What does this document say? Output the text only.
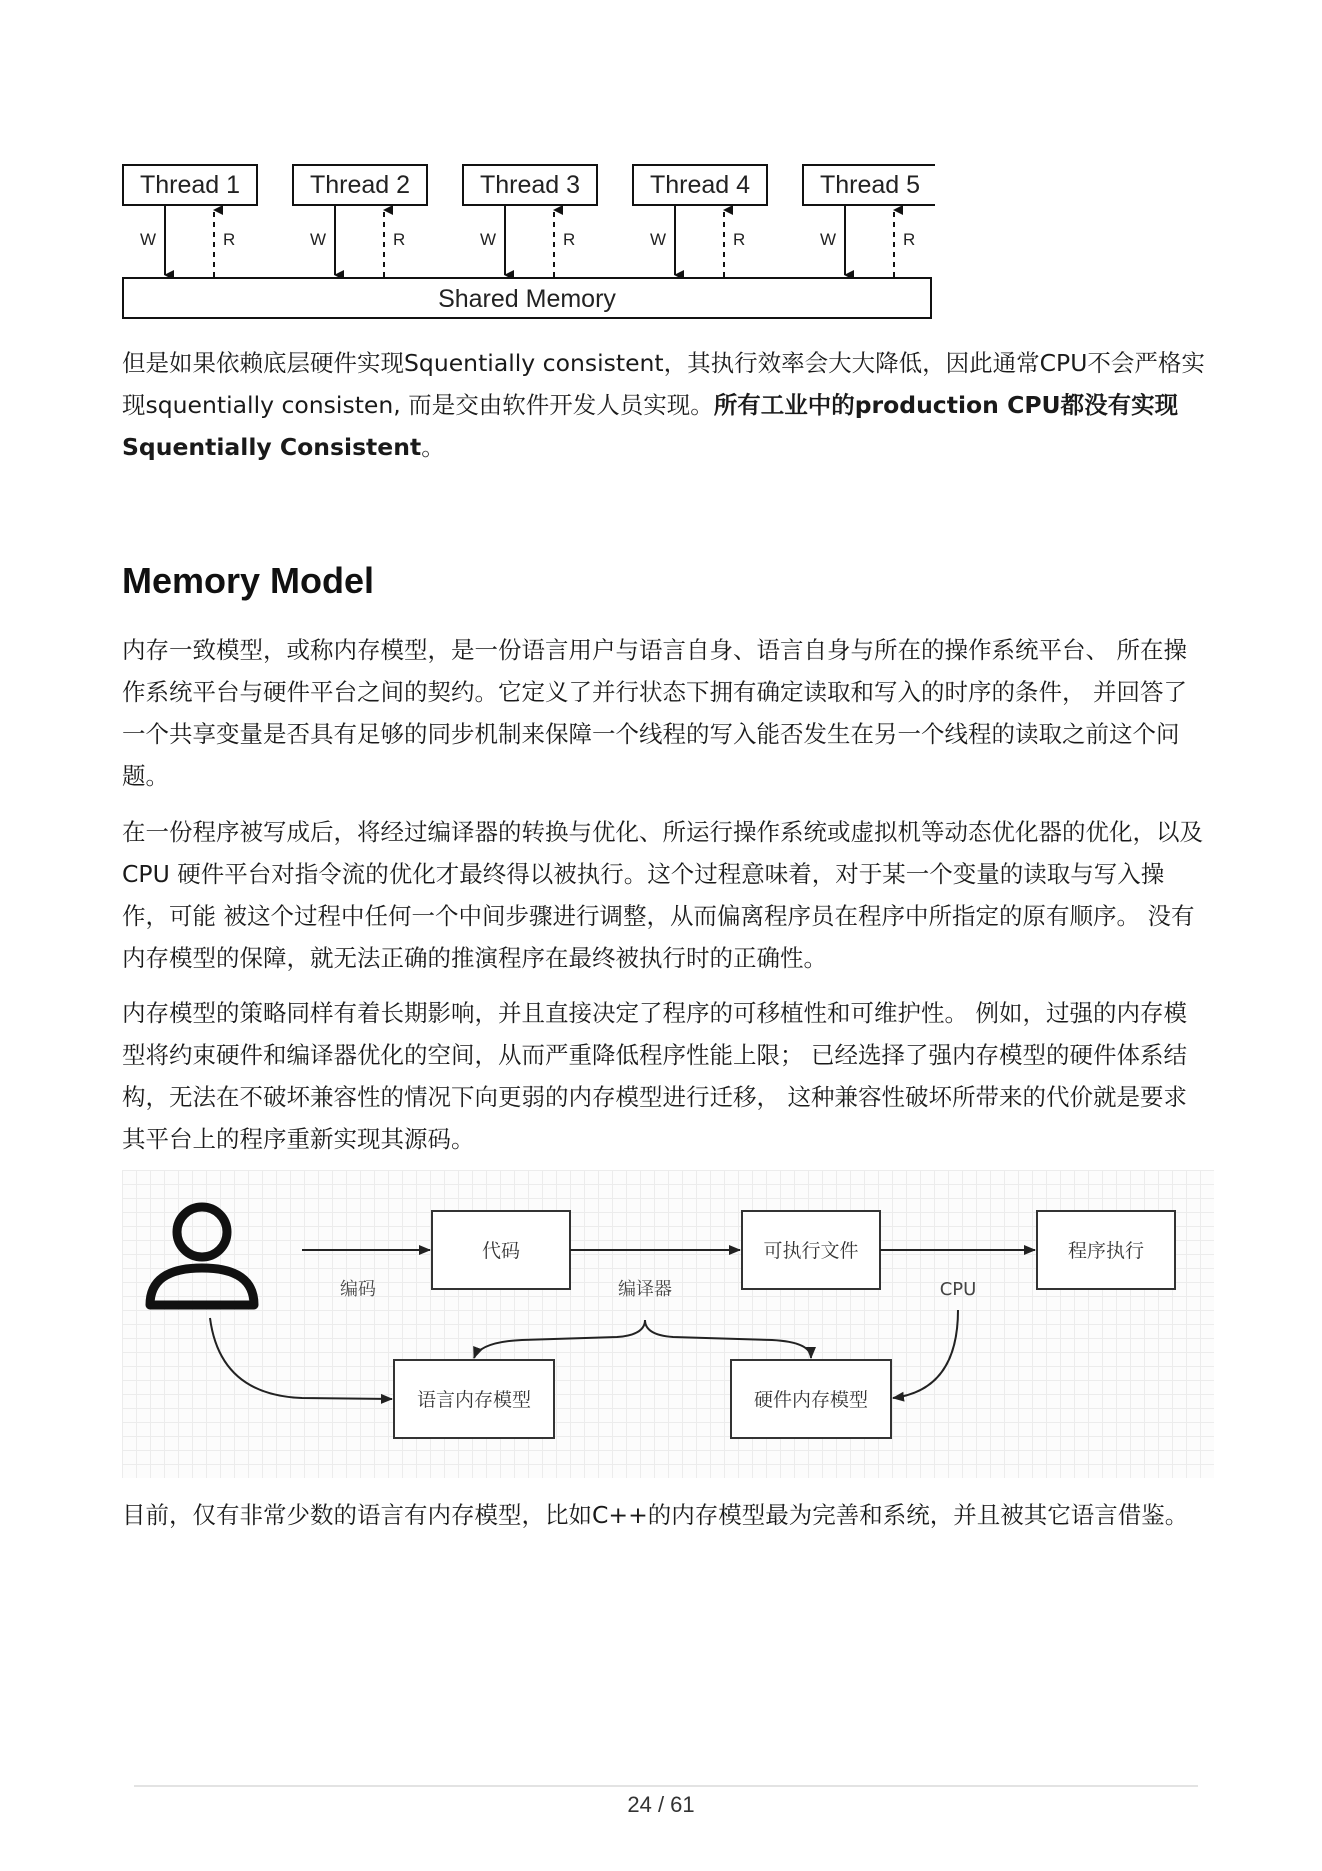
Thread 1
W	R
Thread 2
W	R
Thread 3
W	R
Thread 4
W	R
Thread 5
W	R
Shared Memory

但是如果依赖底层硬件实现Squentially consistent，其执行效率会大大降低，因此通常CPU不会严格实现squentially consisten, 而是交由软件开发人员实现。所有工业中的production CPU都没有实现Squentially Consistent。

Memory Model

内存一致模型，或称内存模型，是一份语言用户与语言自身、语言自身与所在的操作系统平台、 所在操作系统平台与硬件平台之间的契约。它定义了并行状态下拥有确定读取和写入的时序的条件， 并回答了一个共享变量是否具有足够的同步机制来保障一个线程的写入能否发生在另一个线程的读取之前这个问题。

在一份程序被写成后，将经过编译器的转换与优化、所运行操作系统或虚拟机等动态优化器的优化，以及 CPU 硬件平台对指令流的优化才最终得以被执行。这个过程意味着，对于某一个变量的读取与写入操作，可能 被这个过程中任何一个中间步骤进行调整，从而偏离程序员在程序中所指定的原有顺序。 没有内存模型的保障，就无法正确的推演程序在最终被执行时的正确性。

内存模型的策略同样有着长期影响，并且直接决定了程序的可移植性和可维护性。 例如，过强的内存模型将约束硬件和编译器优化的空间，从而严重降低程序性能上限； 已经选择了强内存模型的硬件体系结构，无法在不破坏兼容性的情况下向更弱的内存模型进行迁移， 这种兼容性破坏所带来的代价就是要求其平台上的程序重新实现其源码。

代码	可执行文件	程序执行
语言内存模型	硬件内存模型
编码	编译器	CPU

目前，仅有非常少数的语言有内存模型，比如C++的内存模型最为完善和系统，并且被其它语言借鉴。

24 / 61
